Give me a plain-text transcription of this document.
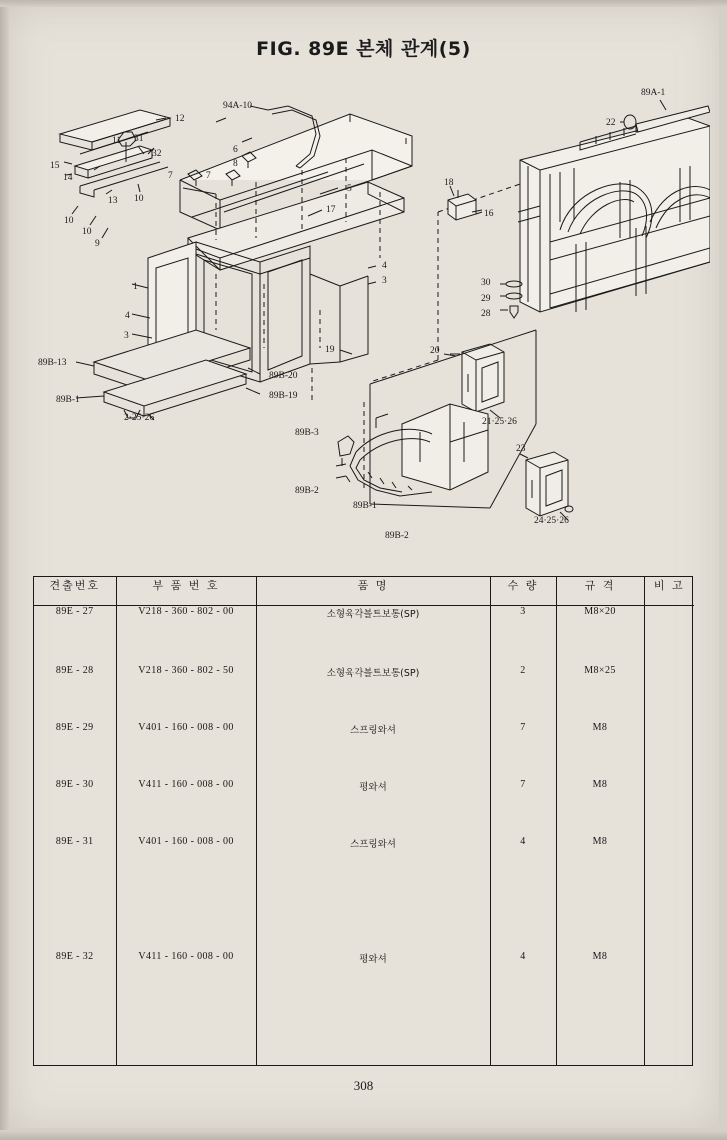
FIG. 89E 본체 관계(5)
12
11 31
32
15
14
13 10
10
10
9
7	7
8
6
94A-10
5
17
18
16
89A-1
22
30
29
28
4
3
1
4
3
19
89B-13
89B-20
89B-19
89B-1
2·25·26
20
21·25·26
23
24·25·26
89B-3
89B-2
89B-1
89B-2
견출번호	부 품 번 호	품 명	수 량	규 격	비 고
89E - 27	V218 - 360 - 802 - 00	소형육각볼트보통(SP)	3	M8×20	
89E - 28	V218 - 360 - 802 - 50	소형육각볼트보통(SP)	2	M8×25	
89E - 29	V401 - 160 - 008 - 00	스프링와셔	7	M8	
89E - 30	V411 - 160 - 008 - 00	평와셔	7	M8	
89E - 31	V401 - 160 - 008 - 00	스프링와셔	4	M8	

89E - 32	V411 - 160 - 008 - 00	평와셔	4	M8	

308
